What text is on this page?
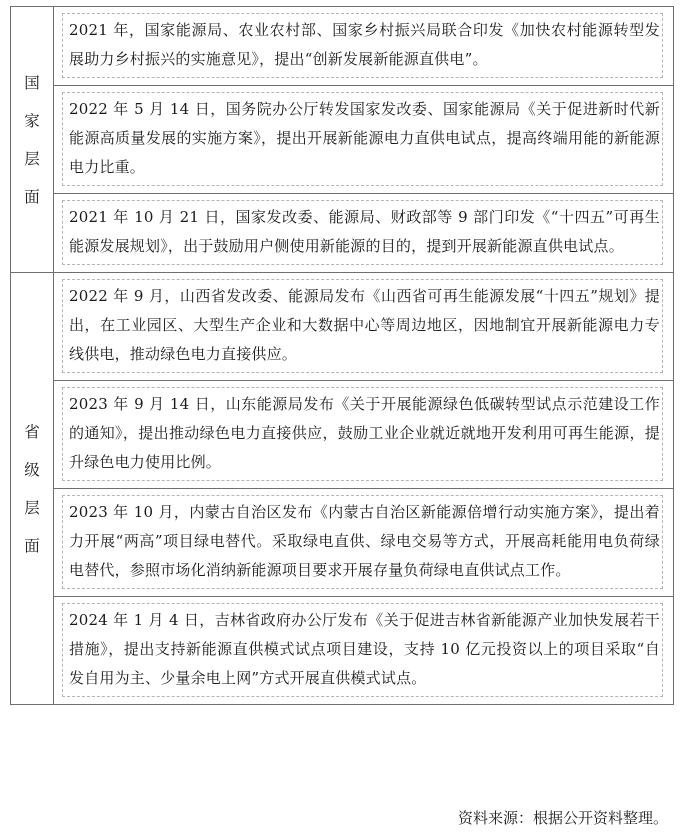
国
家
层
面	2021 年，国家能源局、农业农村部、国家乡村振兴局联合印发《加快农村能源转型发展助力乡村振兴的实施意见》，提出“创新发展新能源直供电”。

	2022 年 5 月 14 日，国务院办公厅转发国家发改委、国家能源局《关于促进新时代新能源高质量发展的实施方案》，提出开展新能源电力直供电试点，提高终端用能的新能源电力比重。

	2021 年 10 月 21 日，国家发改委、能源局、财政部等 9 部门印发《“十四五”可再生能源发展规划》，出于鼓励用户侧使用新能源的目的，提到开展新能源直供电试点。

省
级
层
面	2022 年 9 月，山西省发改委、能源局发布《山西省可再生能源发展“十四五”规划》提出，在工业园区、大型生产企业和大数据中心等周边地区，因地制宜开展新能源电力专线供电，推动绿色电力直接供应。

	2023 年 9 月 14 日，山东能源局发布《关于开展能源绿色低碳转型试点示范建设工作的通知》，提出推动绿色电力直接供应，鼓励工业企业就近就地开发利用可再生能源，提升绿色电力使用比例。

	2023 年 10 月，内蒙古自治区发布《内蒙古自治区新能源倍增行动实施方案》，提出着力开展“两高”项目绿电替代。采取绿电直供、绿电交易等方式，开展高耗能用电负荷绿电替代，参照市场化消纳新能源项目要求开展存量负荷绿电直供试点工作。

	2024 年 1 月 4 日，吉林省政府办公厅发布《关于促进吉林省新能源产业加快发展若干措施》，提出支持新能源直供模式试点项目建设，支持 10 亿元投资以上的项目采取“自发自用为主、少量余电上网”方式开展直供模式试点。
资料来源：根据公开资料整理。
